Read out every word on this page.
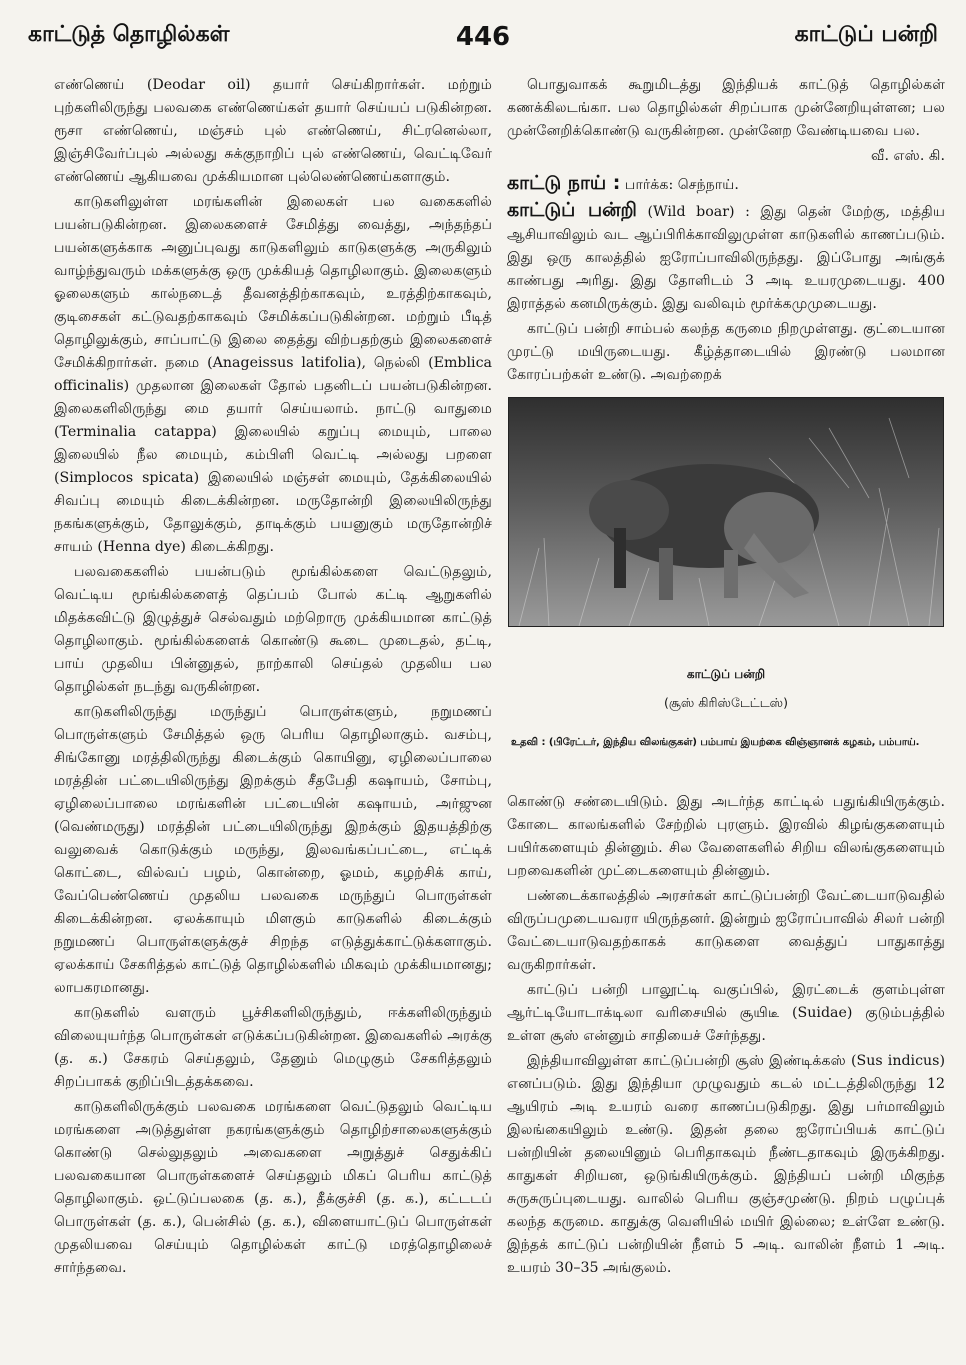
446
காட்டுத் தொழில்கள்	காட்டுப் பன்றி

எண்ணெய் (Deodar oil) தயார் செய்கிறார்கள். மற்றும் புற்களிலிருந்து பலவகை எண்ணெய்கள் தயார் செய்யப் படுகின்றன. ரூசா எண்ணெய், மஞ்சம் புல் எண்ணெய், சிட்ரனெல்லா, இஞ்சிவேர்ப்புல் அல்லது சுக்குநாறிப் புல் எண்ணெய், வெட்டிவேர் எண்ணெய் ஆகியவை முக்கியமான புல்லெண்ணெய்களாகும்.

காடுகளிலுள்ள மரங்களின் இலைகள் பல வகைகளில் பயன்படுகின்றன. இலைகளைச் சேமித்து வைத்து, அந்தந்தப் பயன்களுக்காக அனுப்புவது காடுகளிலும் காடுகளுக்கு அருகிலும் வாழ்ந்துவரும் மக்களுக்கு ஒரு முக்கியத் தொழிலாகும். இலைகளும் ஓலைகளும் கால்நடைத் தீவனத்திற்காகவும், உரத்திற்காகவும், குடிசைகள் கட்டுவதற்காகவும் சேமிக்கப்படுகின்றன. மற்றும் பீடித் தொழிலுக்கும், சாப்பாட்டு இலை தைத்து விற்பதற்கும் இலைகளைச் சேமிக்கிறார்கள். நமை (Anageissus latifolia), நெல்லி (Emblica officinalis) முதலான இலைகள் தோல் பதனிடப் பயன்படுகின்றன. இலைகளிலிருந்து மை தயார் செய்யலாம். நாட்டு வாதுமை (Terminalia catappa) இலையில் கறுப்பு மையும், பாலை இலையில் நீல மையும், கம்பிளி வெட்டி அல்லது பறளை (Simplocos spicata) இலையில் மஞ்சள் மையும், தேக்கிலையில் சிவப்பு மையும் கிடைக்கின்றன. மருதோன்றி இலையிலிருந்து நகங்களுக்கும், தோலுக்கும், தாடிக்கும் பயனுகும் மருதோன்றிச் சாயம் (Henna dye) கிடைக்கிறது.

பலவகைகளில் பயன்படும் மூங்கில்களை வெட்டுதலும், வெட்டிய மூங்கில்களைத் தெப்பம் போல் கட்டி ஆறுகளில் மிதக்கவிட்டு இழுத்துச் செல்வதும் மற்றொரு முக்கியமான காட்டுத் தொழிலாகும். மூங்கில்களைக் கொண்டு கூடை முடைதல், தட்டி, பாய் முதலிய பின்னுதல், நாற்காலி செய்தல் முதலிய பல தொழில்கள் நடந்து வருகின்றன.

காடுகளிலிருந்து மருந்துப் பொருள்களும், நறுமணப் பொருள்களும் சேமித்தல் ஒரு பெரிய தொழிலாகும். வசம்பு, சிங்கோனு மரத்திலிருந்து கிடைக்கும் கொயினு, ஏழிலைப்பாலை மரத்தின் பட்டையிலிருந்து இறக்கும் சீதபேதி கஷாயம், சோம்பு, ஏழிலைப்பாலை மரங்களின் பட்டையின் கஷாயம், அர்ஜுன (வெண்மருது) மரத்தின் பட்டையிலிருந்து இறக்கும் இதயத்திற்கு வலுவைக் கொடுக்கும் மருந்து, இலவங்கப்பட்டை, எட்டிக் கொட்டை, வில்வப் பழம், கொன்றை, ஓமம், கழற்சிக் காய், வேப்பெண்ணெய் முதலிய பலவகை மருந்துப் பொருள்கள் கிடைக்கின்றன. ஏலக்காயும் மிளகும் காடுகளில் கிடைக்கும் நறுமணப் பொருள்களுக்குச் சிறந்த எடுத்துக்காட்டுக்களாகும். ஏலக்காய் சேகரித்தல் காட்டுத் தொழில்களில் மிகவும் முக்கியமானது; லாபகரமானது.

காடுகளில் வளரும் பூச்சிகளிலிருந்தும், ஈக்களிலிருந்தும் விலையுயர்ந்த பொருள்கள் எடுக்கப்படுகின்றன. இவைகளில் அரக்கு (த. க.) சேகரம் செய்தலும், தேனும் மெழுகும் சேகரித்தலும் சிறப்பாகக் குறிப்பிடத்தக்கவை.

காடுகளிலிருக்கும் பலவகை மரங்களை வெட்டுதலும் வெட்டிய மரங்களை அடுத்துள்ள நகரங்களுக்கும் தொழிற்சாலைகளுக்கும் கொண்டு செல்லுதலும் அவைகளை அறுத்துச் செதுக்கிப் பலவகையான பொருள்களைச் செய்தலும் மிகப் பெரிய காட்டுத் தொழிலாகும். ஒட்டுப்பலகை (த. க.), தீக்குச்சி (த. க.), கட்டடப் பொருள்கள் (த. க.), பென்சில் (த. க.), விளையாட்டுப் பொருள்கள் முதலியவை செய்யும் தொழில்கள் காட்டு மரத்தொழிலைச் சார்ந்தவை.

பொதுவாகக் கூறுமிடத்து இந்தியக் காட்டுத் தொழில்கள் கணக்கிலடங்கா. பல தொழில்கள் சிறப்பாக முன்னேறியுள்ளன; பல முன்னேறிக்கொண்டு வருகின்றன. முன்னேற வேண்டியவை பல.

வீ. எஸ். கி.

காட்டு நாய் : பார்க்க: செந்நாய்.

காட்டுப் பன்றி (Wild boar) : இது தென் மேற்கு, மத்திய ஆசியாவிலும் வட ஆப்பிரிக்காவிலுமுள்ள காடுகளில் காணப்படும். இது ஒரு காலத்தில் ஐரோப்பாவிலிருந்தது. இப்போது அங்குக் காண்பது அரிது. இது தோளிடம் 3 அடி உயரமுடையது. 400 இராத்தல் கனமிருக்கும். இது வலிவும் மூர்க்கமுமுடையது.

காட்டுப் பன்றி சாம்பல் கலந்த கருமை நிறமுள்ளது. குட்டையான முரட்டு மயிருடையது. கீழ்த்தாடையில் இரண்டு பலமான கோரப்பற்கள் உண்டு. அவற்றைக்

காட்டுப் பன்றி
(சூஸ் கிரிஸ்டேட்டஸ்)
உதவி : (பிரேட்டர், இந்திய விலங்குகள்) பம்பாய் இயற்கை விஞ்ஞானக் கழகம், பம்பாய்.

கொண்டு சண்டையிடும். இது அடர்ந்த காட்டில் பதுங்கியிருக்கும். கோடை காலங்களில் சேற்றில் புரளும். இரவில் கிழங்குகளையும் பயிர்களையும் தின்னும். சில வேளைகளில் சிறிய விலங்குகளையும் பறவைகளின் முட்டைகளையும் தின்னும்.

பண்டைக்காலத்தில் அரசர்கள் காட்டுப்பன்றி வேட்டையாடுவதில் விருப்பமுடையவரா யிருந்தனர். இன்றும் ஐரோப்பாவில் சிலர் பன்றி வேட்டையாடுவதற்காகக் காடுகளை வைத்துப் பாதுகாத்து வருகிறார்கள்.

காட்டுப் பன்றி பாலூட்டி வகுப்பில், இரட்டைக் குளம்புள்ள ஆர்ட்டியோடாக்டிலா வரிசையில் சூயிடீ (Suidae) குடும்பத்தில் உள்ள சூஸ் என்னும் சாதியைச் சேர்ந்தது.

இந்தியாவிலுள்ள காட்டுப்பன்றி சூஸ் இண்டிக்கஸ் (Sus indicus) எனப்படும். இது இந்தியா முழுவதும் கடல் மட்டத்திலிருந்து 12 ஆயிரம் அடி உயரம் வரை காணப்படுகிறது. இது பர்மாவிலும் இலங்கையிலும் உண்டு. இதன் தலை ஐரோப்பியக் காட்டுப் பன்றியின் தலையினும் பெரிதாகவும் நீண்டதாகவும் இருக்கிறது. காதுகள் சிறியன, ஒடுங்கியிருக்கும். இந்தியப் பன்றி மிகுந்த சுருசுருப்புடையது. வாலில் பெரிய குஞ்சமுண்டு. நிறம் பழுப்புக் கலந்த கருமை. காதுக்கு வெளியில் மயிர் இல்லை; உள்ளே உண்டு. இந்தக் காட்டுப் பன்றியின் நீளம் 5 அடி. வாலின் நீளம் 1 அடி. உயரம் 30–35 அங்குலம்.
